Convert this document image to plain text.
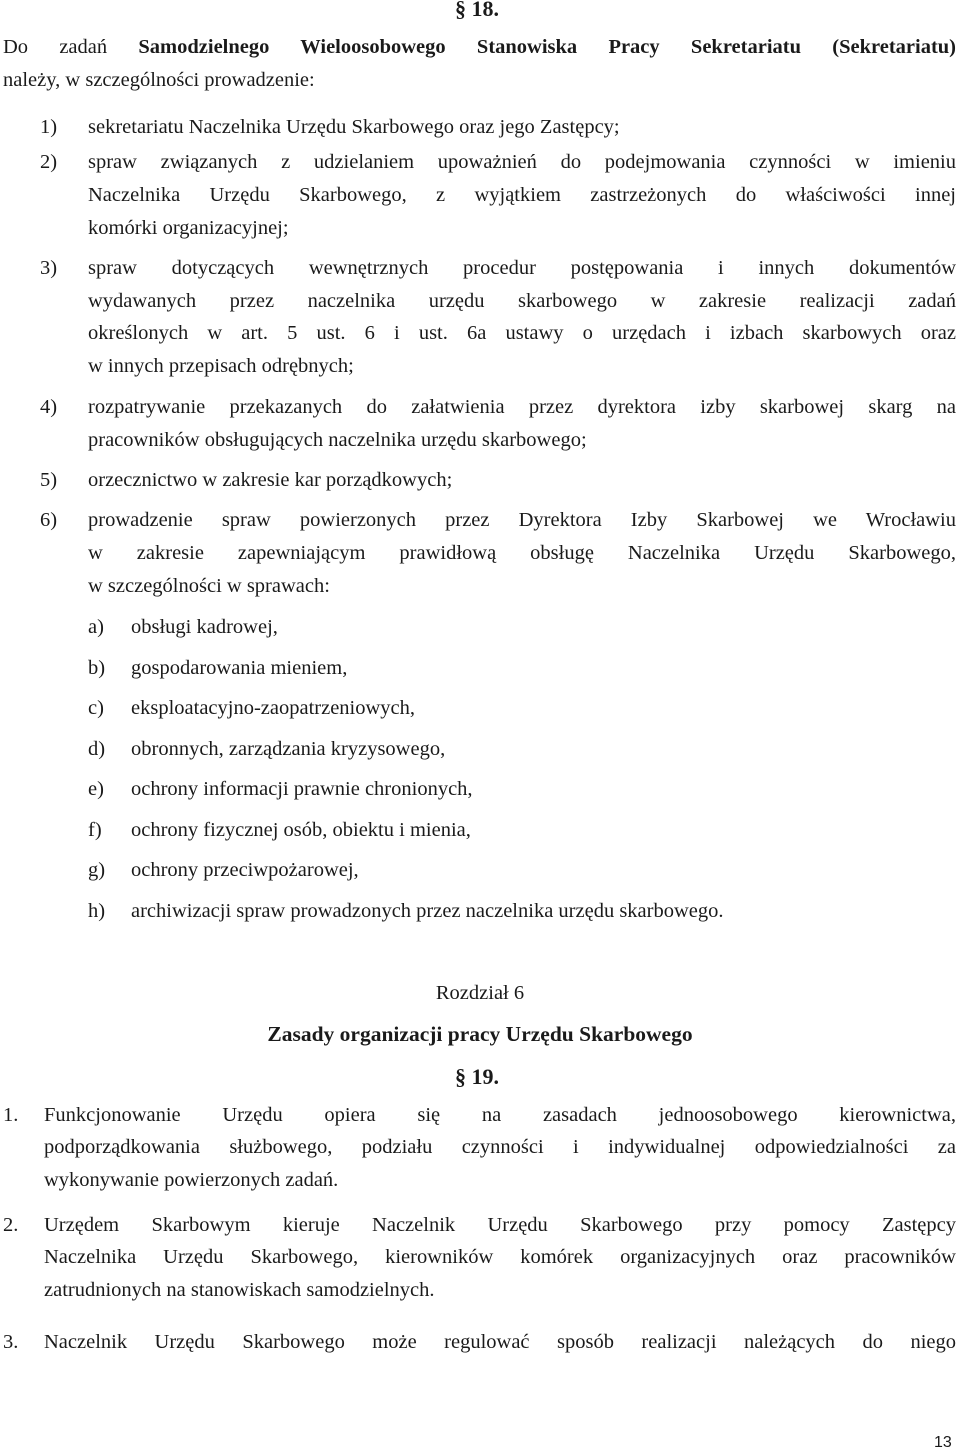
§ 18.
Do zadań Samodzielnego Wieloosobowego Stanowiska Pracy Sekretariatu (Sekretariatu)
należy, w szczególności prowadzenie:
1) sekretariatu Naczelnika Urzędu Skarbowego oraz jego Zastępcy;
2) spraw związanych z udzielaniem upoważnień do podejmowania czynności w imieniu
Naczelnika Urzędu Skarbowego, z wyjątkiem zastrzeżonych do właściwości innej
komórki organizacyjnej;
3) spraw dotyczących wewnętrznych procedur postępowania i innych dokumentów
wydawanych przez naczelnika urzędu skarbowego w zakresie realizacji zadań
określonych w art. 5 ust. 6 i ust. 6a ustawy o urzędach i izbach skarbowych oraz
w innych przepisach odrębnych;
4) rozpatrywanie przekazanych do załatwienia przez dyrektora izby skarbowej skarg na
pracowników obsługujących naczelnika urzędu skarbowego;
5) orzecznictwo w zakresie kar porządkowych;
6) prowadzenie spraw powierzonych przez Dyrektora Izby Skarbowej we Wrocławiu
w zakresie zapewniającym prawidłową obsługę Naczelnika Urzędu Skarbowego,
w szczególności w sprawach:
a) obsługi kadrowej,
b) gospodarowania mieniem,
c) eksploatacyjno-zaopatrzeniowych,
d) obronnych, zarządzania kryzysowego,
e) ochrony informacji prawnie chronionych,
f) ochrony fizycznej osób, obiektu i mienia,
g) ochrony przeciwpożarowej,
h) archiwizacji spraw prowadzonych przez naczelnika urzędu skarbowego.
Rozdział 6
Zasady organizacji pracy Urzędu Skarbowego
§ 19.
1. Funkcjonowanie Urzędu opiera się na zasadach jednoosobowego kierownictwa,
podporządkowania służbowego, podziału czynności i indywidualnej odpowiedzialności za
wykonywanie powierzonych zadań.
2. Urzędem Skarbowym kieruje Naczelnik Urzędu Skarbowego przy pomocy Zastępcy
Naczelnika Urzędu Skarbowego, kierowników komórek organizacyjnych oraz pracowników
zatrudnionych na stanowiskach samodzielnych.
3. Naczelnik Urzędu Skarbowego może regulować sposób realizacji należących do niego
13
